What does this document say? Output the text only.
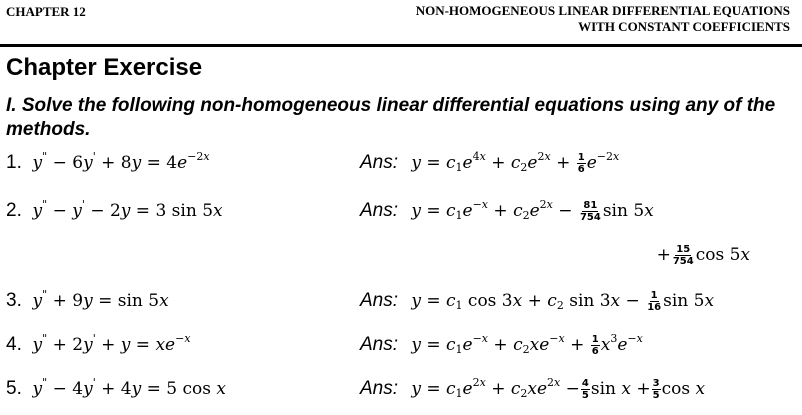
CHAPTER 12	NON-HOMOGENEOUS LINEAR DIFFERENTIAL EQUATIONS
WITH CONSTANT COEFFICIENTS
Chapter Exercise
I. Solve the following non-homogeneous linear differential equations using any of the methods.
1. $y^" - 6y' + 8y = 4e^{-2x}$	Ans: $y = c_1e^{4x} + c_2e^{2x} + \frac{1}{6} e^{-2x}$
2. y" − y' − 2y = 3 sin 5x	Ans: $y = c_1e^{-x} + c_2e^{2x} - \frac{81}{754}$ sin 5x
+ $\frac{15}{754}$ cos 5x
3. y" + 9y = sin 5x	Ans: $y = c_1$ $\cos 3x + c_2$ $\sin 3x - \frac{1}{16}$ sin 5x
4. $y^" + 2y' + y = xe^{-x}$	Ans: $y = c_1e^{-x} + c_2xe^{-x} + \frac{1}{6} x^3e^{-x}$
5. y" − 4y' + 4y = 5 cos x	Ans: $y = c_1e^{2x} + c_2xe^{2x} - \frac{4}{5}$ $\sin x + \frac{3}{5}$ cos x
